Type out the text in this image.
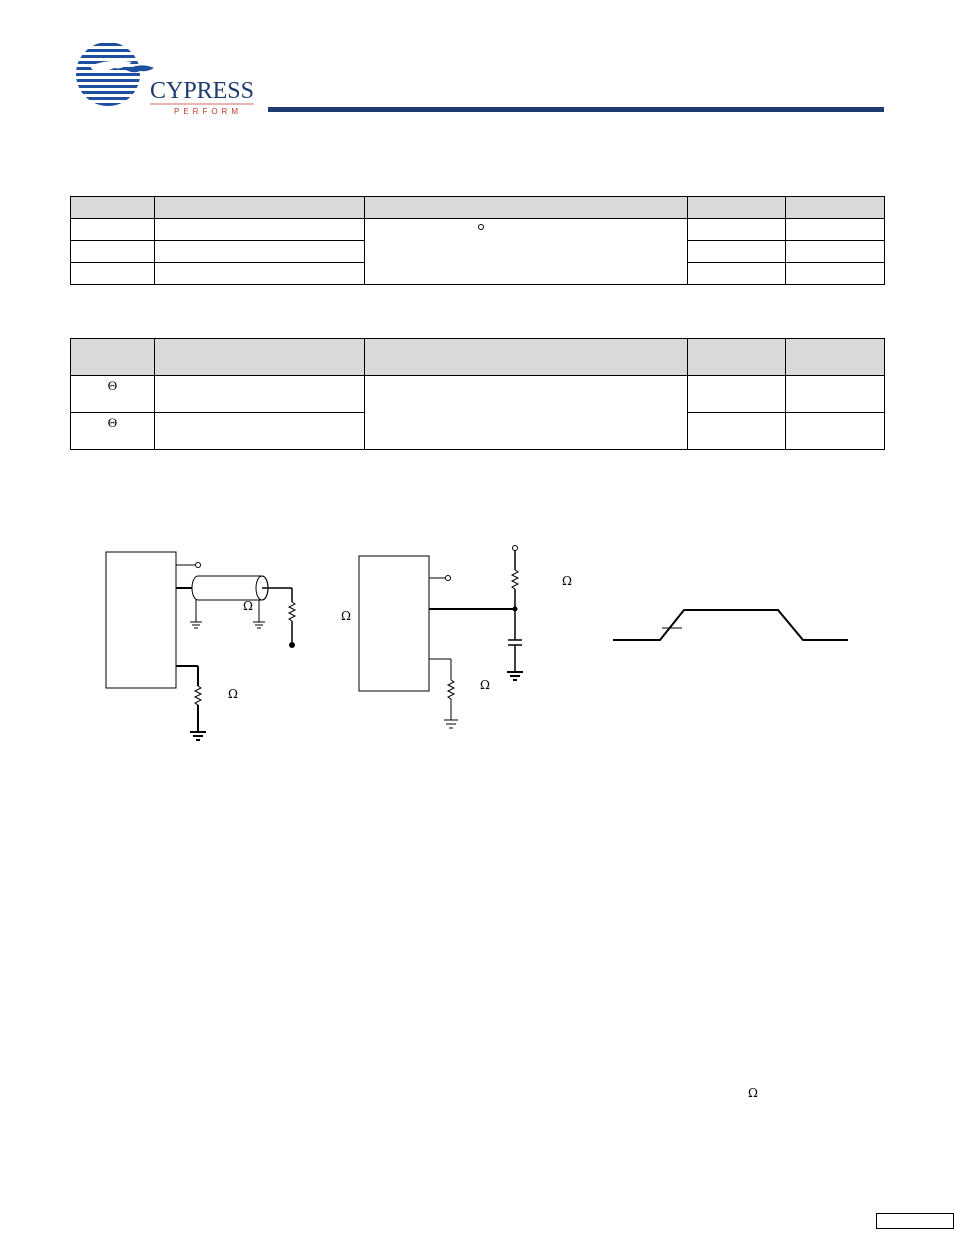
CYPRESS
PERFORM

Θ				
Θ				
Ω
Ω
Ω
Ω
Ω
Ω
